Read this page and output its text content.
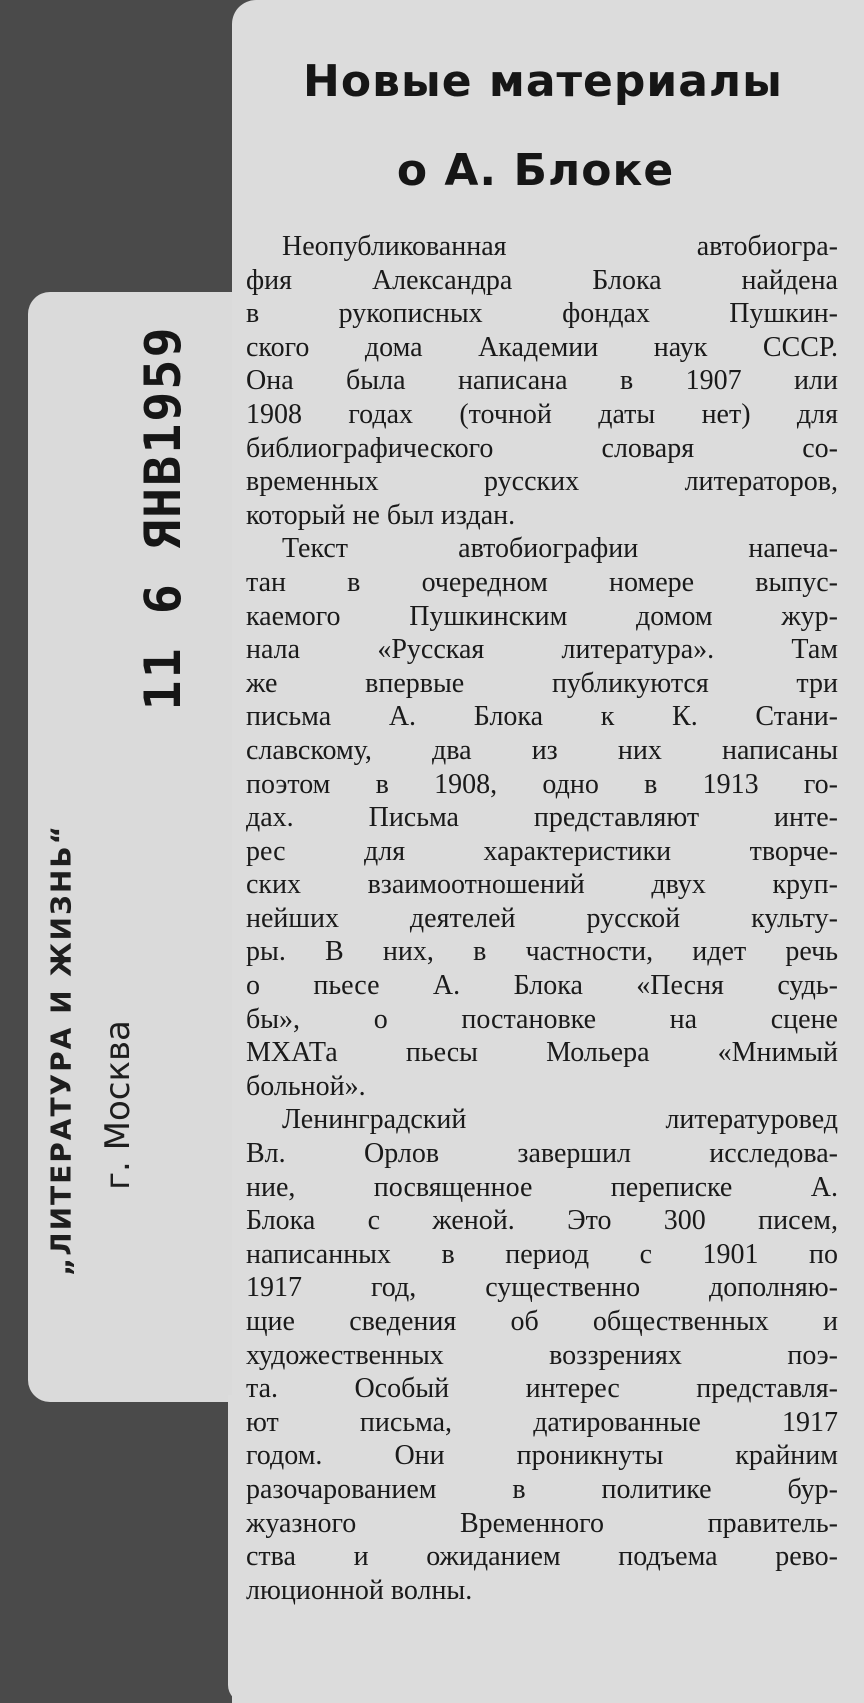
Новые материалы
о А. Блоке
11 6 ЯНВ1959
„ЛИТЕРАТУРА И ЖИЗНЬ“ г. Москва
Неопубликованная автобиогра-
фия Александра Блока найдена
в рукописных фондах Пушкин-
ского дома Академии наук СССР.
Она была написана в 1907 или
1908 годах (точной даты нет) для
библиографического словаря со-
временных русских литераторов,
который не был издан.
Текст автобиографии напеча-
тан в очередном номере выпус-
каемого Пушкинским домом жур-
нала «Русская литература». Там
же впервые публикуются три
письма А. Блока к К. Стани-
славскому, два из них написаны
поэтом в 1908, одно в 1913 го-
дах. Письма представляют инте-
рес для характеристики творче-
ских взаимоотношений двух круп-
нейших деятелей русской культу-
ры. В них, в частности, идет речь
о пьесе А. Блока «Песня судь-
бы», о постановке на сцене
МХАТа пьесы Мольера «Мнимый
больной».
Ленинградский литературовед
Вл. Орлов завершил исследова-
ние, посвященное переписке А.
Блока с женой. Это 300 писем,
написанных в период с 1901 по
1917 год, существенно дополняю-
щие сведения об общественных и
художественных воззрениях поэ-
та. Особый интерес представля-
ют письма, датированные 1917
годом. Они проникнуты крайним
разочарованием в политике бур-
жуазного Временного правитель-
ства и ожиданием подъема рево-
люционной волны.
